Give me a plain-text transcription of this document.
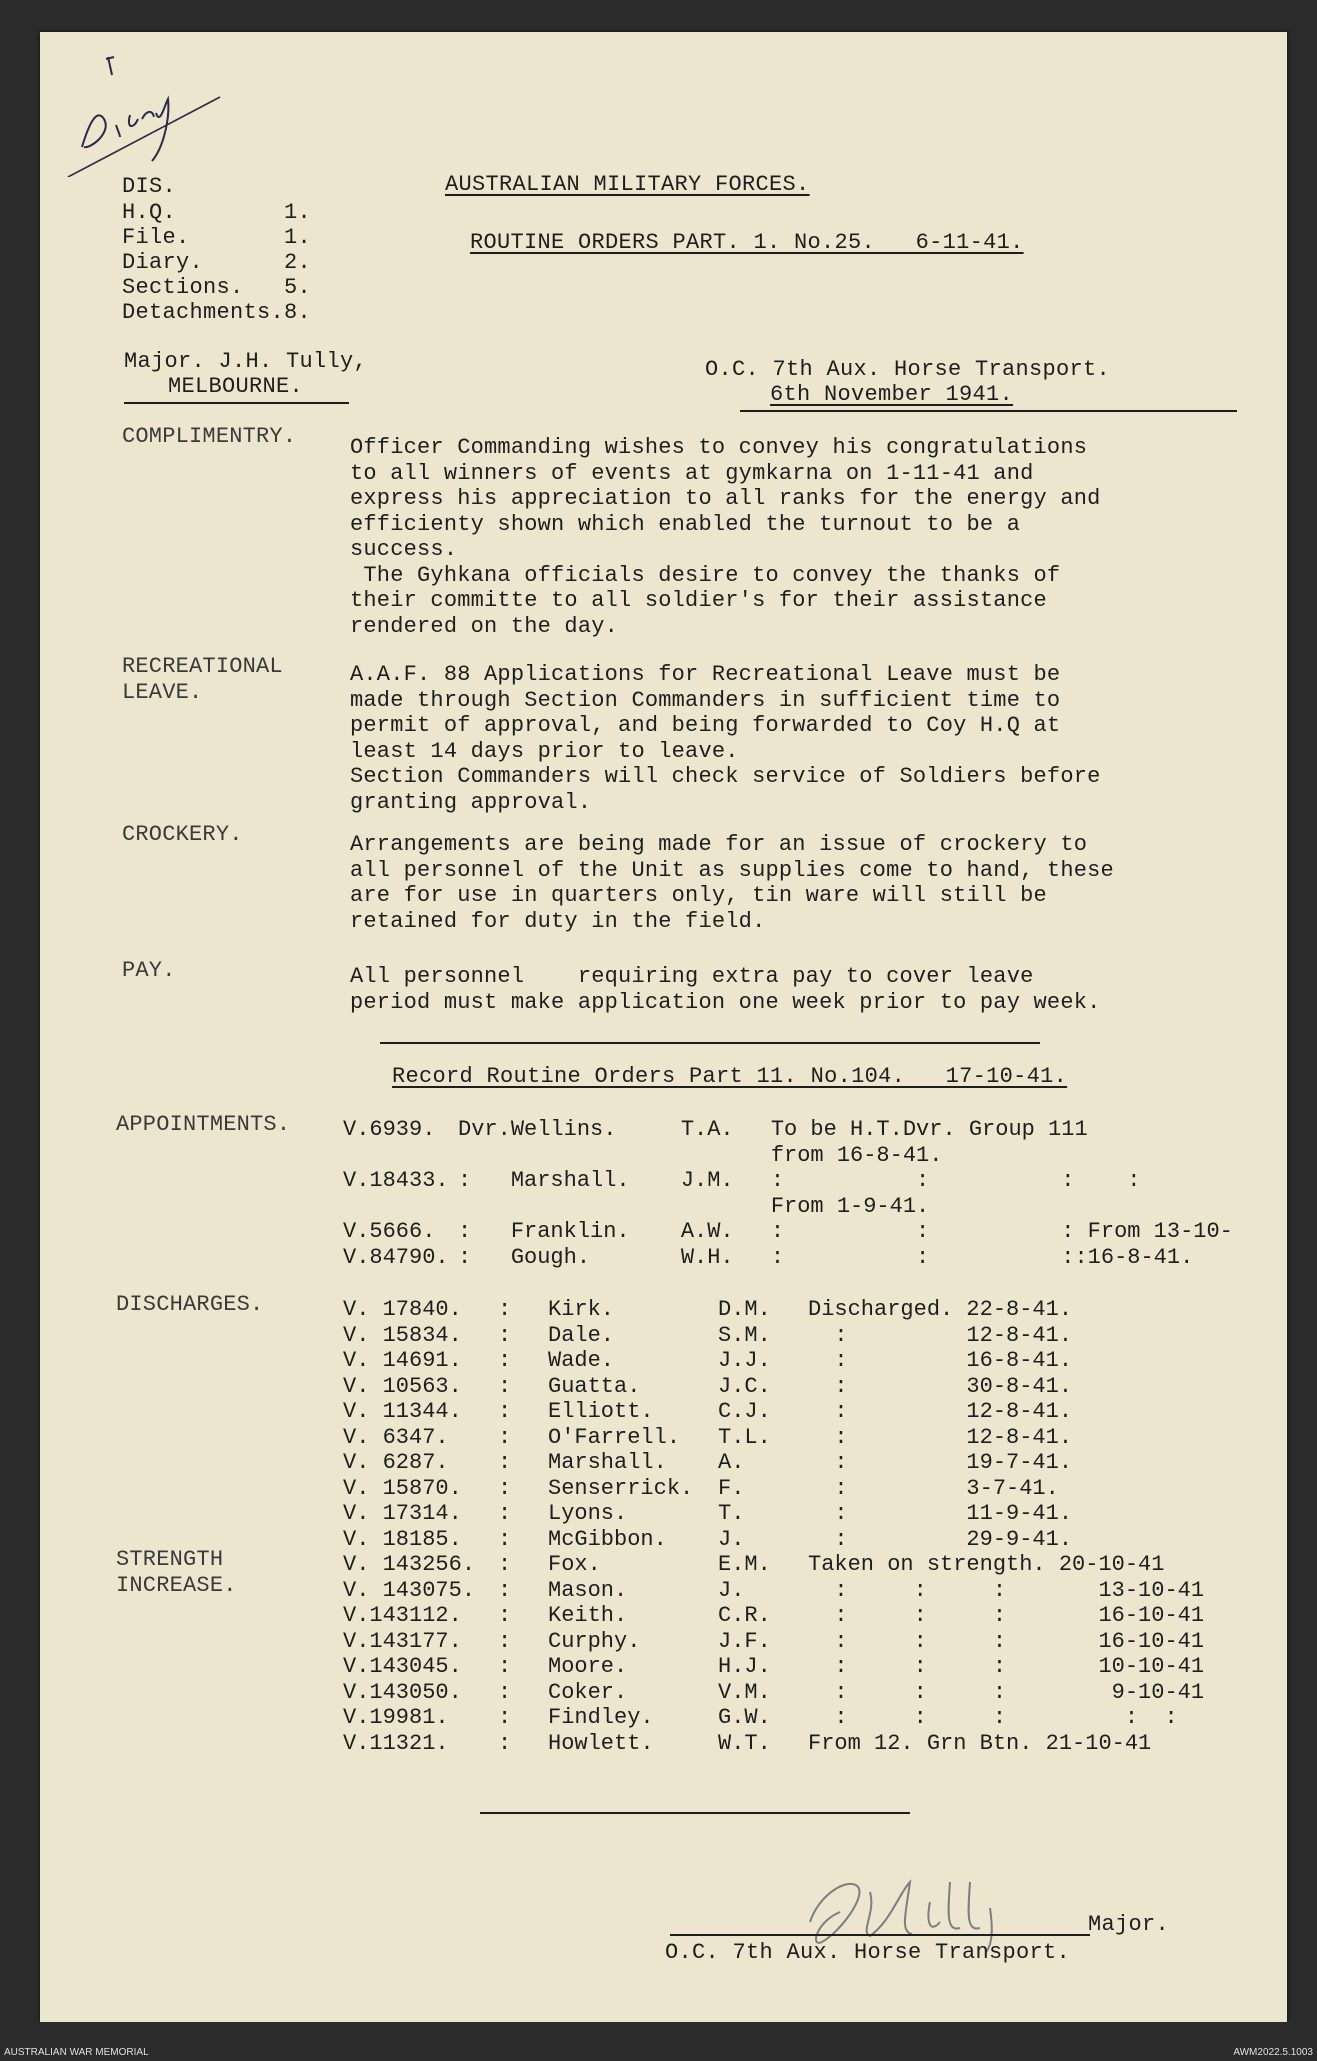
DIS.
H.Q.        1.
File.       1.
Diary.      2.
Sections.   5.
Detachments.8.
AUSTRALIAN MILITARY FORCES.
ROUTINE ORDERS PART. 1. No.25.   6-11-41.
Major. J.H. Tully,
MELBOURNE.
O.C. 7th Aux. Horse Transport.
6th November 1941.
COMPLIMENTRY. Officer Commanding wishes to convey his congratulations
to all winners of events at gymkarna on 1-11-41 and
express his appreciation to all ranks for the energy and
efficienty shown which enabled the turnout to be a
success.
The Gyhkana officials desire to convey the thanks of
their committe to all soldier's for their assistance
rendered on the day.
RECREATIONAL
LEAVE.
A.A.F. 88 Applications for Recreational Leave must be
made through Section Commanders in sufficient time to
permit of approval, and being forwarded to Coy H.Q at
least 14 days prior to leave.
Section Commanders will check service of Soldiers before
granting approval.
CROCKERY.	Arrangements are being made for an issue of crockery to
all personnel of the Unit as supplies come to hand, these
are for use in quarters only, tin ware will still be
retained for duty in the field.
PAY.	All personnel    requiring extra pay to cover leave
period must make application one week prior to pay week.
Record Routine Orders Part 11. No.104.   17-10-41.
APPOINTMENTS. V.6939.	Dvr.	Wellins.	T.A.	To be H.T.Dvr. Group 111
				from 16-8-41.
V.18433.	:	Marshall.	J.M.	:          :          :    :
				From 1-9-41.
V.5666.	:	Franklin.	A.W.	:          :          : From 13-10-
V.84790.	:	Gough.	W.H.	:          :          ::16-8-41.
DISCHARGES.	V. 17840.	:	Kirk.	D.M.	Discharged. 22-8-41.
V. 15834.	:	Dale.	S.M.	:         12-8-41.
V. 14691.	:	Wade.	J.J.	:         16-8-41.
V. 10563.	:	Guatta.	J.C.	:         30-8-41.
V. 11344.	:	Elliott.	C.J.	:         12-8-41.
V. 6347.	:	O'Farrell.	T.L.	:         12-8-41.
V. 6287.	:	Marshall.	A.	:         19-7-41.
V. 15870.	:	Senserrick.	F.	:         3-7-41.
V. 17314.	:	Lyons.	T.	:         11-9-41.
V. 18185.	:	McGibbon.	J.	:         29-9-41.
STRENGTH
INCREASE.
V. 143256.	:	Fox.	E.M.	Taken on strength. 20-10-41
V. 143075.	:	Mason.	J.	:     :     :       13-10-41
V.143112.	:	Keith.	C.R.	:     :     :       16-10-41
V.143177.	:	Curphy.	J.F.	:     :     :       16-10-41
V.143045.	:	Moore.	H.J.	:     :     :       10-10-41
V.143050.	:	Coker.	V.M.	:     :     :        9-10-41
V.19981.	:	Findley.	G.W.	:     :     :         :  :
V.11321.	:	Howlett.	W.T.	From 12. Grn Btn. 21-10-41
Major.
O.C. 7th Aux. Horse Transport.
AUSTRALIAN WAR MEMORIAL	AWM2022.5.1003
